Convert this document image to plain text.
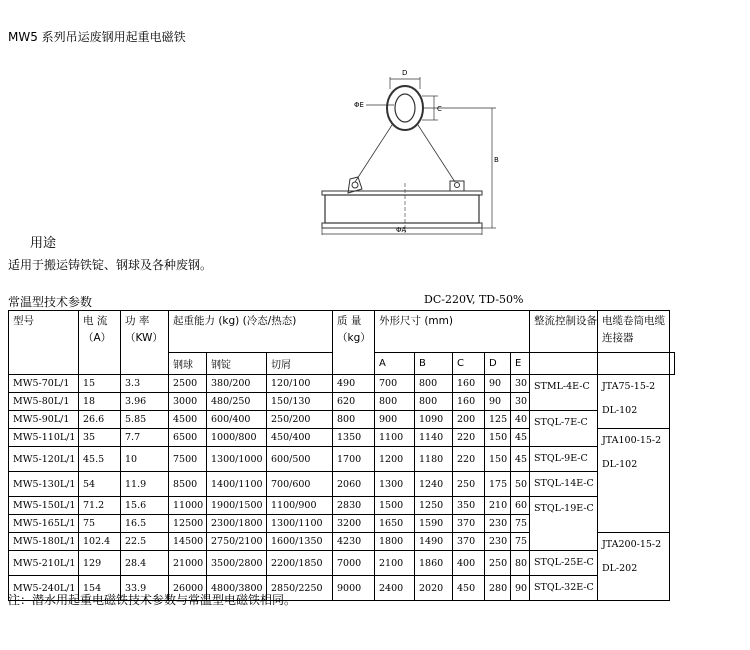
MW5 系列吊运废钢用起重电磁铁
D
ΦE	C
B
ΦA
用途
适用于搬运铸铁锭、钢球及各种废钢。
常温型技术参数	DC-220V, TD-50%
型号	电 流（A）	功 率（KW）	起重能力 (kg) (冷态/热态)			质 量（kg）	外形尺寸 (mm)					整流控制设备	电缆卷筒电缆连接器	
			钢球	钢锭	切屑		A	B	C	D	E			
MW5-70L/1	15	3.3	2500	380/200	120/100	490	700	800	160	90	30	STML-4E-C	JTA75-15-2 DL-102	
MW5-80L/1	18	3.96	3000	480/250	150/130	620	800	800	160	90	30			
MW5-90L/1	26.6	5.85	4500	600/400	250/200	800	900	1090	200	125	40	STQL-7E-C		
MW5-110L/1	35	7.7	6500	1000/800	450/400	1350	1100	1140	220	150	45		JTA100-15-2 DL-102	
MW5-120L/1	45.5	10	7500	1300/1000	600/500	1700	1200	1180	220	150	45	STQL-9E-C		
MW5-130L/1	54	11.9	8500	1400/1100	700/600	2060	1300	1240	250	175	50	STQL-14E-C		
MW5-150L/1	71.2	15.6	11000	1900/1500	1100/900	2830	1500	1250	350	210	60	STQL-19E-C		
MW5-165L/1	75	16.5	12500	2300/1800	1300/1100	3200	1650	1590	370	230	75			
MW5-180L/1	102.4	22.5	14500	2750/2100	1600/1350	4230	1800	1490	370	230	75		JTA200-15-2 DL-202	
MW5-210L/1	129	28.4	21000	3500/2800	2200/1850	7000	2100	1860	400	250	80	STQL-25E-C		
MW5-240L/1	154	33.9	26000	4800/3800	2850/2250	9000	2400	2020	450	280	90	STQL-32E-C		
注：潜水用起重电磁铁技术参数与常温型电磁铁相同。
